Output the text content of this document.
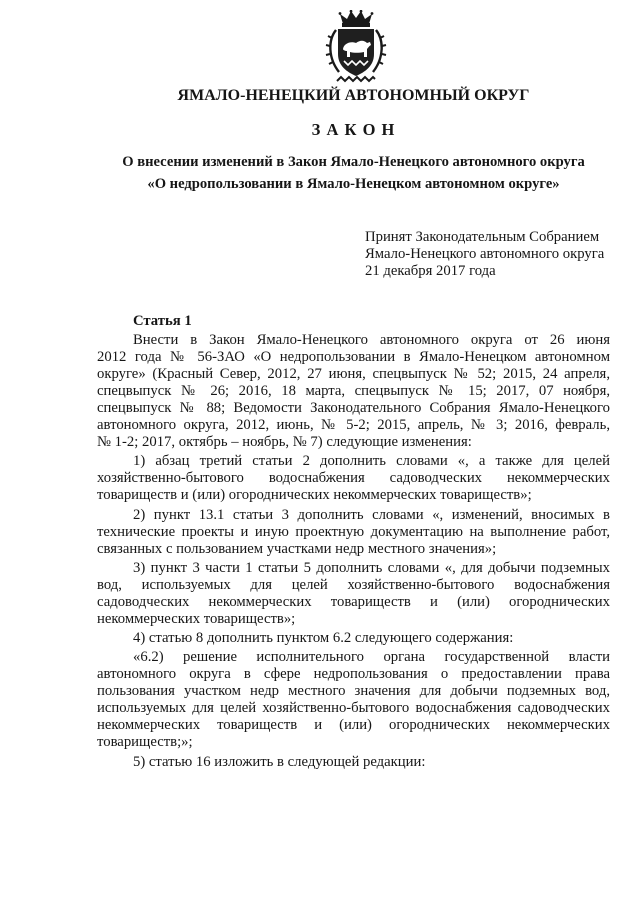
ЯМАЛО-НЕНЕЦКИЙ АВТОНОМНЫЙ ОКРУГ
З А К О Н
О внесении изменений в Закон Ямало-Ненецкого автономного округа
«О недропользовании в Ямало-Ненецком автономном округе»
Принят Законодательным Собранием
Ямало-Ненецкого автономного округа
21 декабря 2017 года
Статья 1
Внести в Закон Ямало-Ненецкого автономного округа от 26 июня
2012 года № 56-ЗАО «О недропользовании в Ямало-Ненецком автономном
округе» (Красный Север, 2012, 27 июня, спецвыпуск № 52; 2015, 24 апреля,
спецвыпуск № 26; 2016, 18 марта, спецвыпуск № 15; 2017, 07 ноября,
спецвыпуск № 88; Ведомости Законодательного Собрания Ямало-Ненецкого
автономного округа, 2012, июнь, № 5-2; 2015, апрель, № 3; 2016, февраль,
№ 1-2; 2017, октябрь – ноябрь, № 7) следующие изменения:
1) абзац третий статьи 2 дополнить словами «, а также для целей
хозяйственно-бытового водоснабжения садоводческих некоммерческих
товариществ и (или) огороднических некоммерческих товариществ»;
2) пункт 13.1 статьи 3 дополнить словами «, изменений, вносимых в
технические проекты и иную проектную документацию на выполнение работ,
связанных с пользованием участками недр местного значения»;
3) пункт 3 части 1 статьи 5 дополнить словами «, для добычи подземных
вод, используемых для целей хозяйственно-бытового водоснабжения
садоводческих некоммерческих товариществ и (или) огороднических
некоммерческих товариществ»;
4) статью 8 дополнить пунктом 6.2 следующего содержания:
«6.2) решение исполнительного органа государственной власти
автономного округа в сфере недропользования о предоставлении права
пользования участком недр местного значения для добычи подземных вод,
используемых для целей хозяйственно-бытового водоснабжения садоводческих
некоммерческих товариществ и (или) огороднических некоммерческих
товариществ;»;
5) статью 16 изложить в следующей редакции:
